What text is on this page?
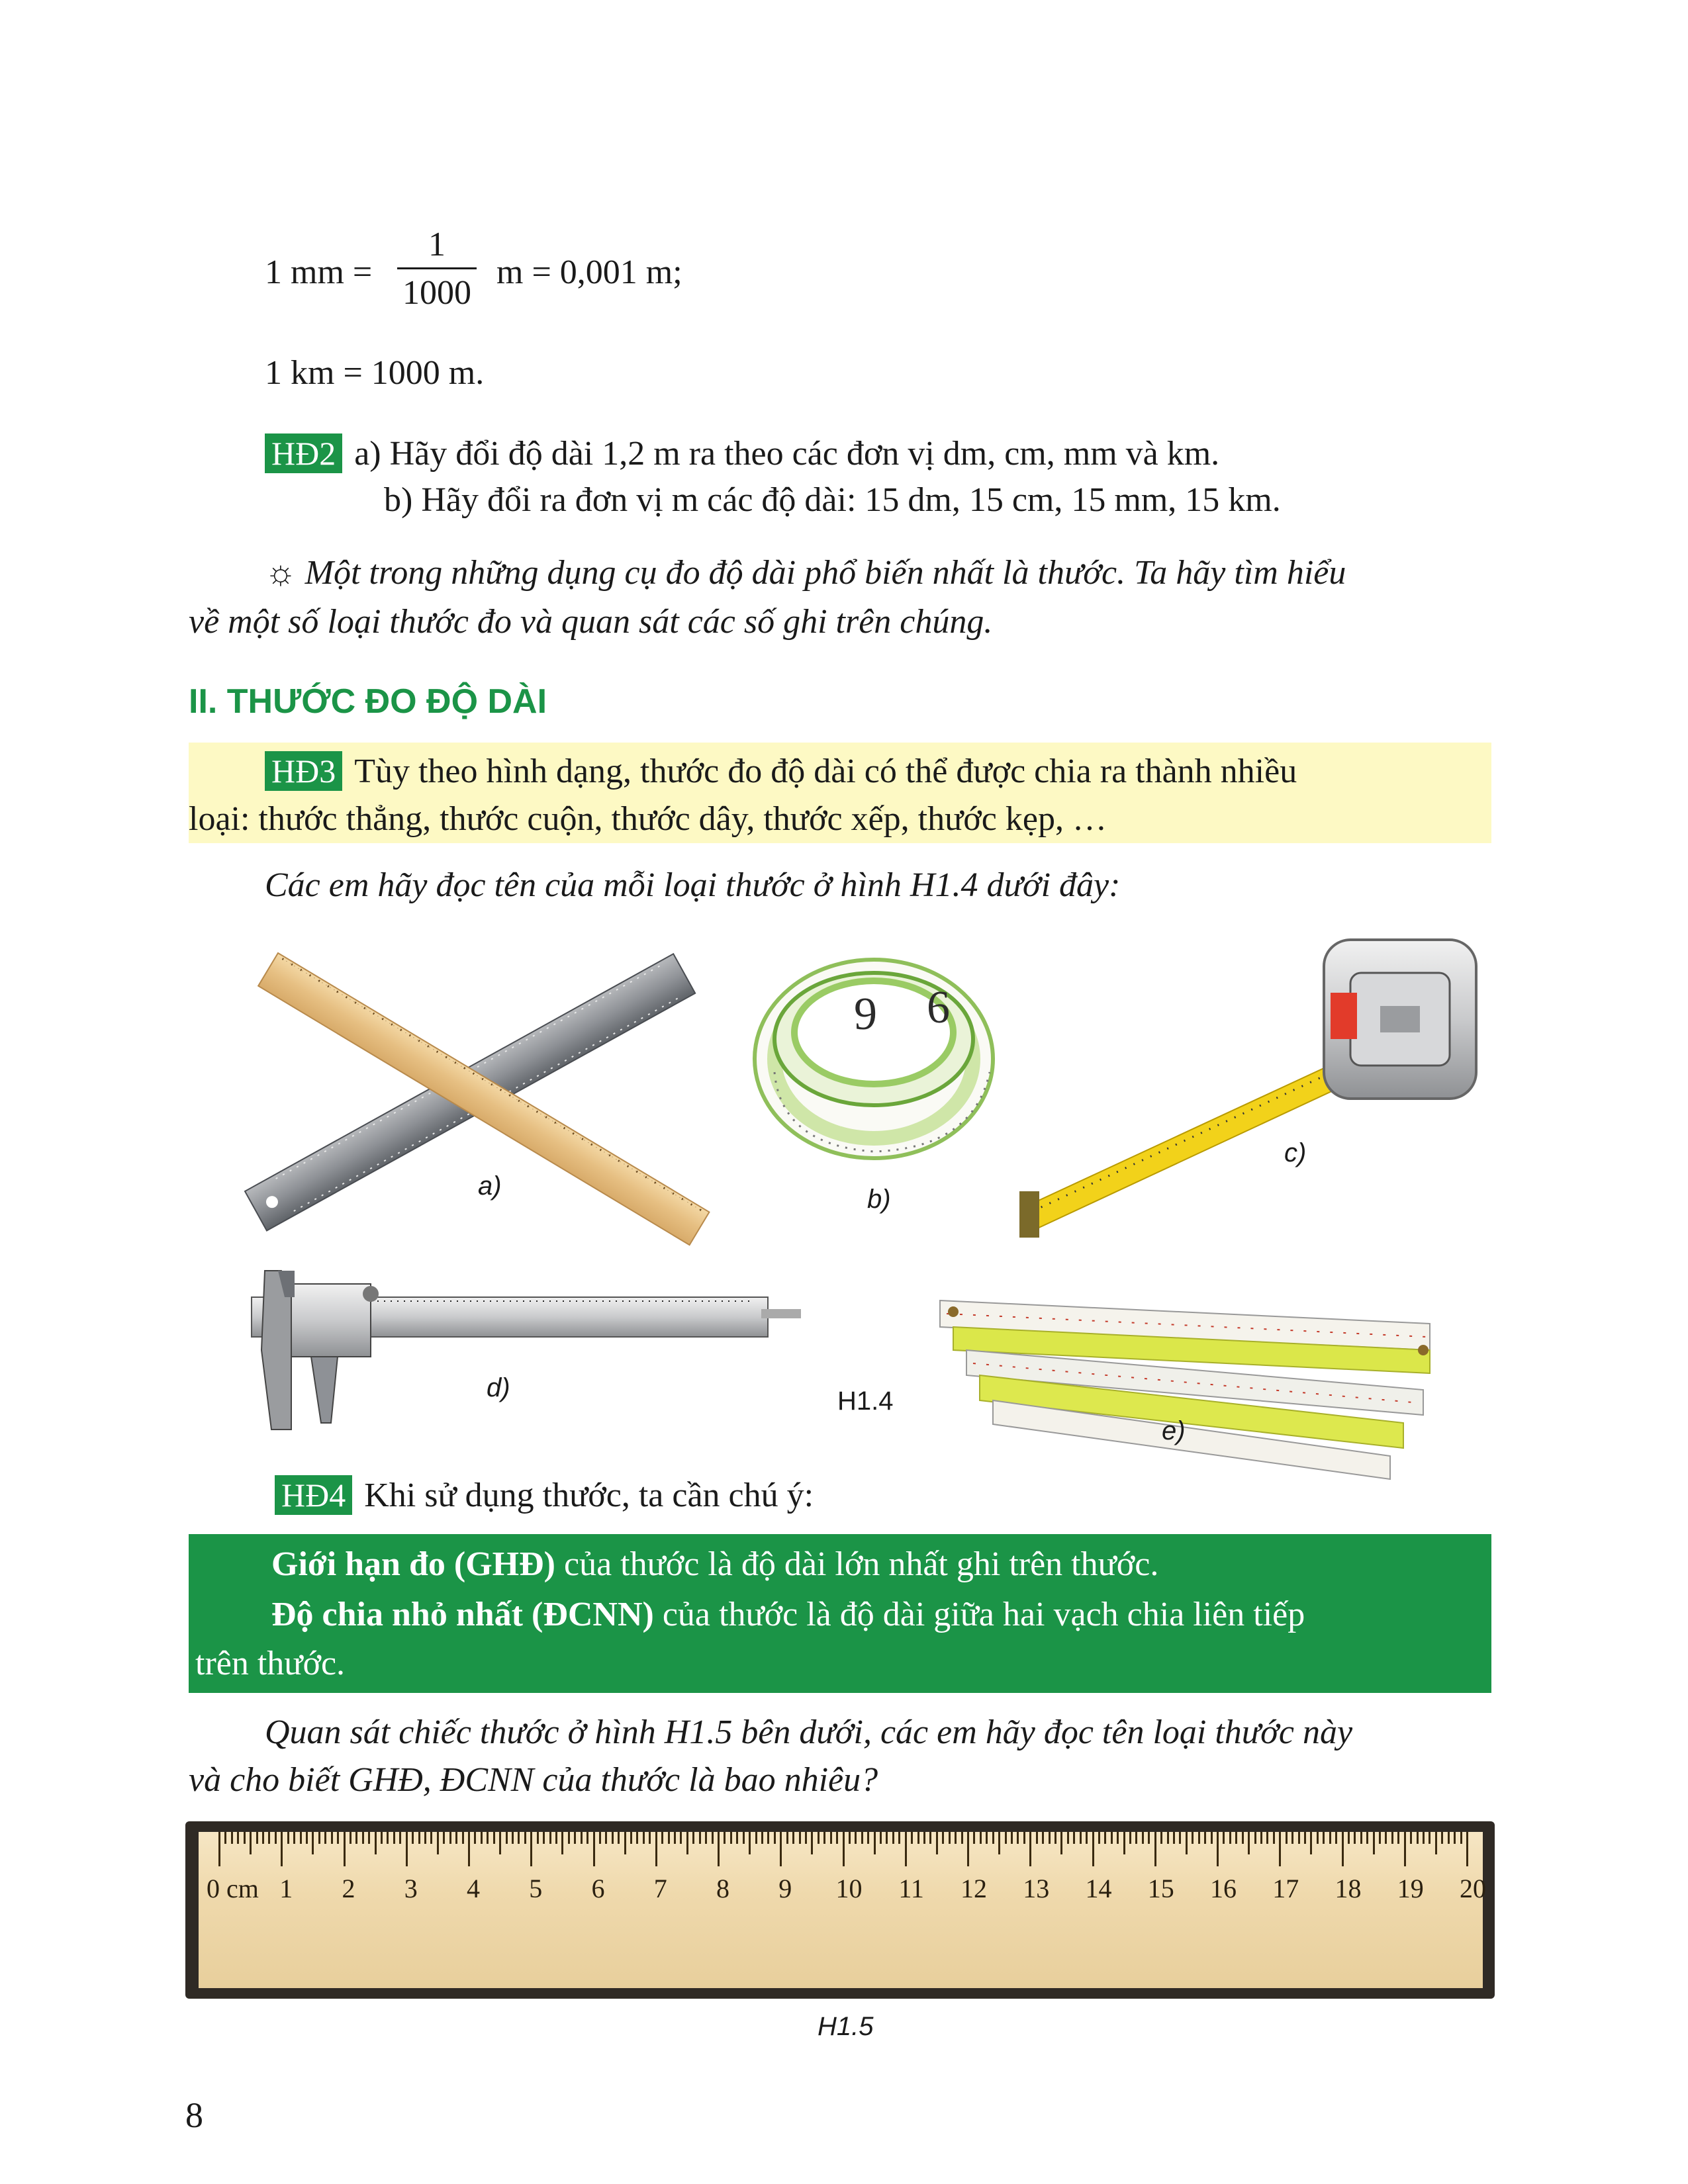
1 mm =
1
1000
m = 0,001 m;
1 km = 1000 m.
HĐ2 a) Hãy đổi độ dài 1,2 m ra theo các đơn vị dm, cm, mm và km.
b) Hãy đổi ra đơn vị m các độ dài: 15 dm, 15 cm, 15 mm, 15 km.
☼ Một trong những dụng cụ đo độ dài phổ biến nhất là thước. Ta hãy tìm hiểu
về một số loại thước đo và quan sát các số ghi trên chúng.
II. THƯỚC ĐO ĐỘ DÀI
HĐ3 Tùy theo hình dạng, thước đo độ dài có thể được chia ra thành nhiều
loại: thước thẳng, thước cuộn, thước dây, thước xếp, thước kẹp, …
Các em hãy đọc tên của mỗi loại thước ở hình H1.4 dưới đây:
9 6
a)	b)
c)
d)	H1.4
e)
HĐ4 Khi sử dụng thước, ta cần chú ý:
Giới hạn đo (GHĐ) của thước là độ dài lớn nhất ghi trên thước.
Độ chia nhỏ nhất (ĐCNN) của thước là độ dài giữa hai vạch chia liên tiếp
trên thước.
Quan sát chiếc thước ở hình H1.5 bên dưới, các em hãy đọc tên loại thước này
và cho biết GHĐ, ĐCNN của thước là bao nhiêu?
0 cm 1 2 3 4 5 6 7 8 9 10 11 12 13 14 15 16 17 18 19 20
H1.5
8
